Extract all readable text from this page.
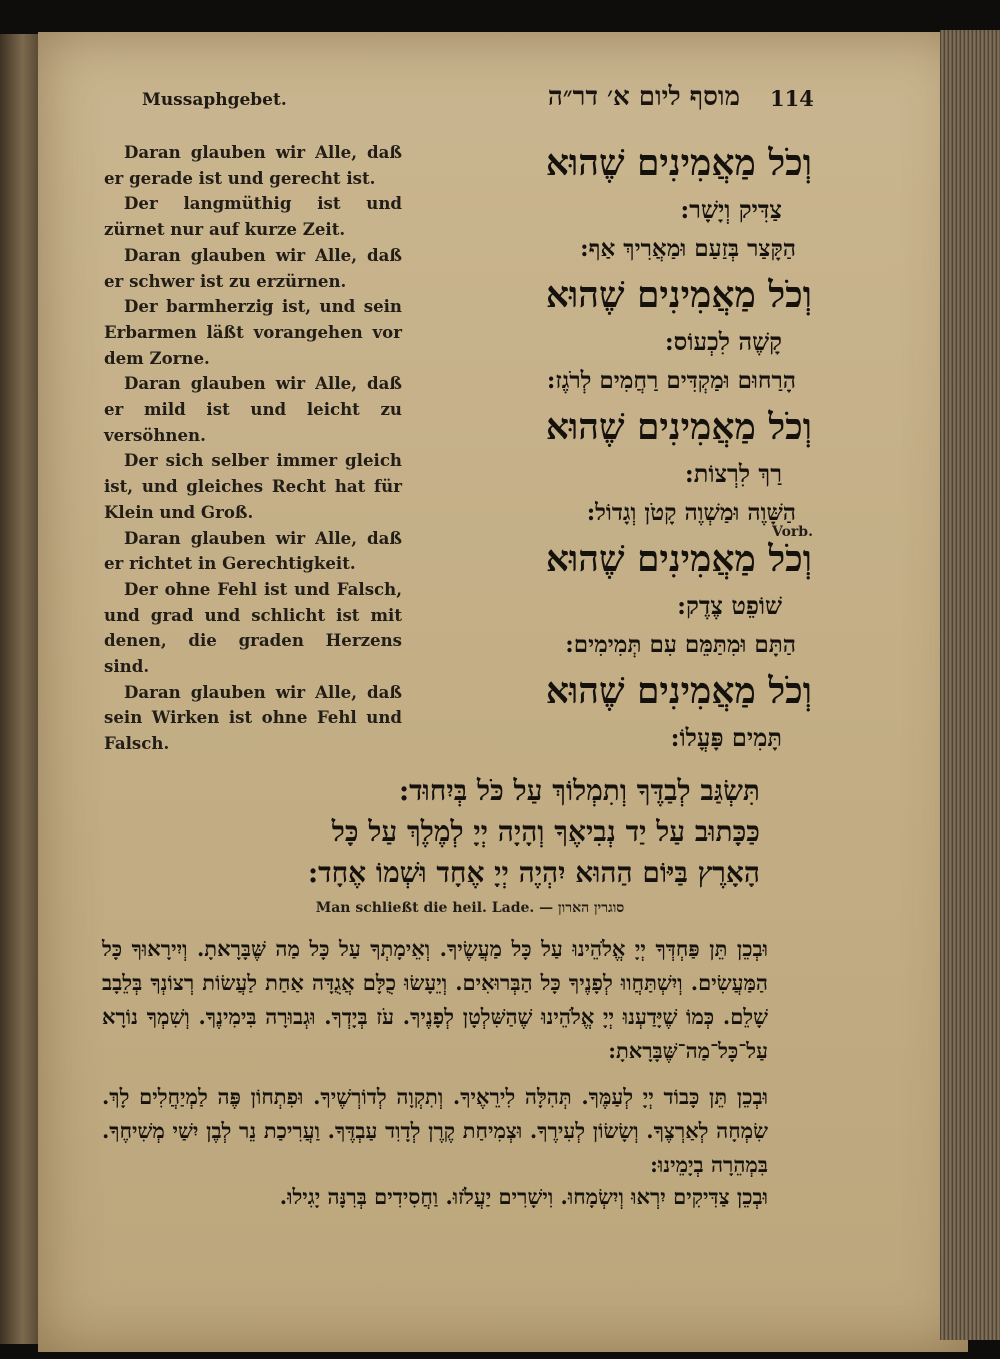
Mussaphgebet.	מוסף ליום א׳ דר״ה 114

Daran glauben wir Alle, daß er gerade ist und gerecht ist.

Der langmüthig ist und zürnet nur auf kurze Zeit.

Daran glauben wir Alle, daß er schwer ist zu erzürnen.

Der barmherzig ist, und sein Erbarmen läßt vorangehen vor dem Zorne.

Daran glauben wir Alle, daß er mild ist und leicht zu versöhnen.

Der sich selber immer gleich ist, und gleiches Recht hat für Klein und Groß.

Daran glauben wir Alle, daß er richtet in Gerechtigkeit.

Der ohne Fehl ist und Falsch, und grad und schlicht ist mit denen, die graden Herzens sind.

Daran glauben wir Alle, daß sein Wirken ist ohne Fehl und Falsch.

וְכֹל מַאֲמִינִים שֶׁהוּא
צַדִּיק וְיָשָׁר:
הַקָּצַר בְּזַעַם וּמַאֲרִיךְ אַף:
וְכֹל מַאֲמִינִים שֶׁהוּא
קָשֶׁה לִכְעוֹס:
הָרַחוּם וּמַקְדִּים רַחֲמִים לְרֹגֶז:
וְכֹל מַאֲמִינִים שֶׁהוּא
רַךְ לִרְצוֹת:
הַשָּׁוֶה וּמַשְׁוֶה קָטֹן וְגָדוֹל:
וְכֹל מַאֲמִינִים שֶׁהוּא
שׁוֹפֵט צֶדֶק:
הַתָּם וּמִתַּמֵּם עִם תְּמִימִים:
וְכֹל מַאֲמִינִים שֶׁהוּא
תָּמִים פָּעֳלוֹ:
Vorb.
תִּשְׂגַּב לְבַדֶּךָ וְתִמְלוֹךְ עַל כֹּל בְּיִחוּד:
כַּכָּתוּב עַל יַד נְבִיאֶךָ וְהָיָה יְיָ לְמֶלֶךְ עַל כָּל
הָאָרֶץ בַּיּוֹם הַהוּא יִהְיֶה יְיָ אֶחָד וּשְׁמוֹ אֶחָד:
Man schließt die heil. Lade. — סוגרין הארון
וּבְכֵן תֵּן פַּחְדְּךָ יְיָ אֱלֹהֵינוּ עַל כָּל מַעֲשֶׂיךָ. וְאֵימָתְךָ עַל כָּל מַה שֶּׁבָּרָאתָ. וְיִירָאוּךָ כָּל הַמַּעֲשִׂים. וְיִשְׁתַּחֲווּ לְפָנֶיךָ כָּל הַבְּרוּאִים. וְיֵעָשׂוּ כֻלָּם אֲגֻדָּה אַחַת לַעֲשׂוֹת רְצוֹנְךָ בְּלֵבָב שָׁלֵם. כְּמוֹ שֶׁיָּדַעְנוּ יְיָ אֱלֹהֵינוּ שֶׁהַשִּׁלְטָן לְפָנֶיךָ. עֹז בְּיָדְךָ. וּגְבוּרָה בִּימִינֶךָ. וְשִׁמְךָ נוֹרָא עַל־כָּל־מַה־שֶּׁבָּרָאתָ:
וּבְכֵן תֵּן כָּבוֹד יְיָ לְעַמֶּךָ. תְּהִלָּה לִירֵאֶיךָ. וְתִקְוָה לְדוֹרְשֶׁיךָ. וּפִתְחוֹן פֶּה לַמְיַחֲלִים לָךְ. שִׂמְחָה לְאַרְצֶךָ. וְשָׂשׂוֹן לְעִירֶךָ. וּצְמִיחַת קֶרֶן לְדָוִד עַבְדֶּךָ. וַעֲרִיכַת נֵר לְבֶן יִשַׁי מְשִׁיחֶךָ. בִּמְהֵרָה בְיָמֵינוּ:
וּבְכֵן צַדִּיקִים יִרְאוּ וְיִשְׂמָחוּ. וִישָׁרִים יַעֲלֹזוּ. וַחֲסִידִים בְּרִנָּה יָגִילוּ.
